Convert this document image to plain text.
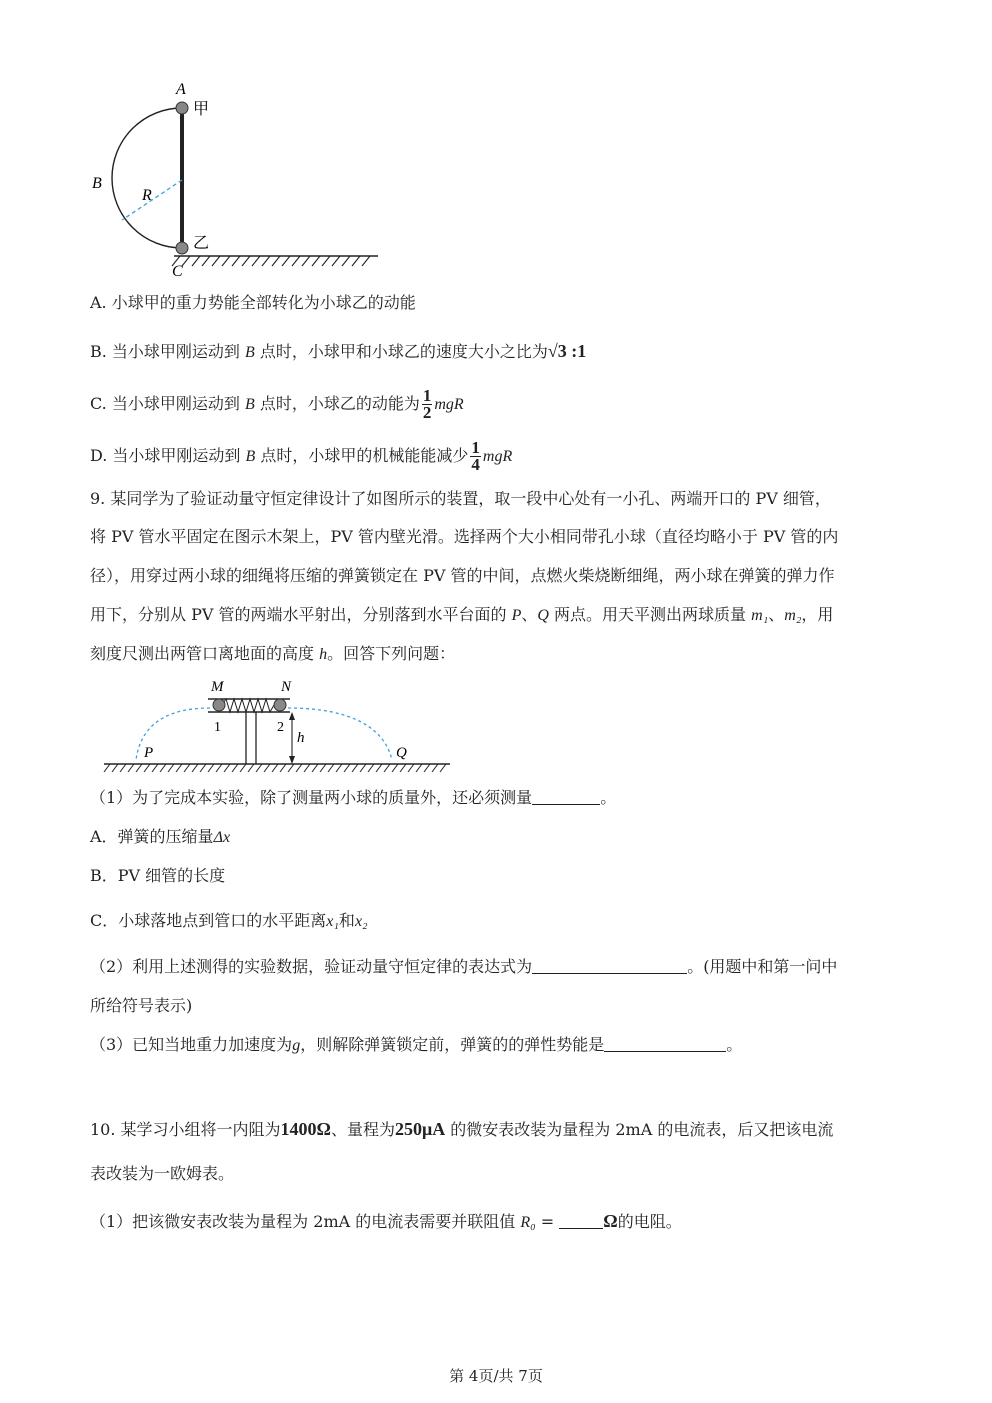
A
B
C
R
甲
乙
A. 小球甲的重力势能全部转化为小球乙的动能
B. 当小球甲刚运动到 B 点时，小球甲和小球乙的速度大小之比为√3 :1
C. 当小球甲刚运动到 B 点时，小球乙的动能为 $\frac{1}{2}$ mgR
D. 当小球甲刚运动到 B 点时，小球甲的机械能能减少 $\frac{1}{4}$ mgR
9. 某同学为了验证动量守恒定律设计了如图所示的装置，取一段中心处有一小孔、两端开口的 PV 细管，
将 PV 管水平固定在图示木架上，PV 管内壁光滑。选择两个大小相同带孔小球（直径均略小于 PV 管的内
径），用穿过两小球的细绳将压缩的弹簧锁定在 PV 管的中间，点燃火柴烧断细绳，两小球在弹簧的弹力作
用下，分别从 PV 管的两端水平射出，分别落到水平台面的 P、Q 两点。用天平测出两球质量 m₁、m₂，用
刻度尺测出两管口离地面的高度 h。回答下列问题：
M	N
1	2
h
P	Q
（1）为了完成本实验，除了测量两小球的质量外，还必须测量	。
A．弹簧的压缩量Δx
B．PV 细管的长度
C．小球落地点到管口的水平距离x₁和x₂
（2）利用上述测得的实验数据，验证动量守恒定律的表达式为	。(用题中和第一问中
所给符号表示)
（3）已知当地重力加速度为g，则解除弹簧锁定前，弹簧的的弹性势能是	。
10. 某学习小组将一内阻为1400Ω、量程为250μA 的微安表改装为量程为 2mA 的电流表，后又把该电流
表改装为一欧姆表。
（1）把该微安表改装为量程为 2mA 的电流表需要并联阻值 R₀ =	Ω的电阻。
第 4页/共 7页
